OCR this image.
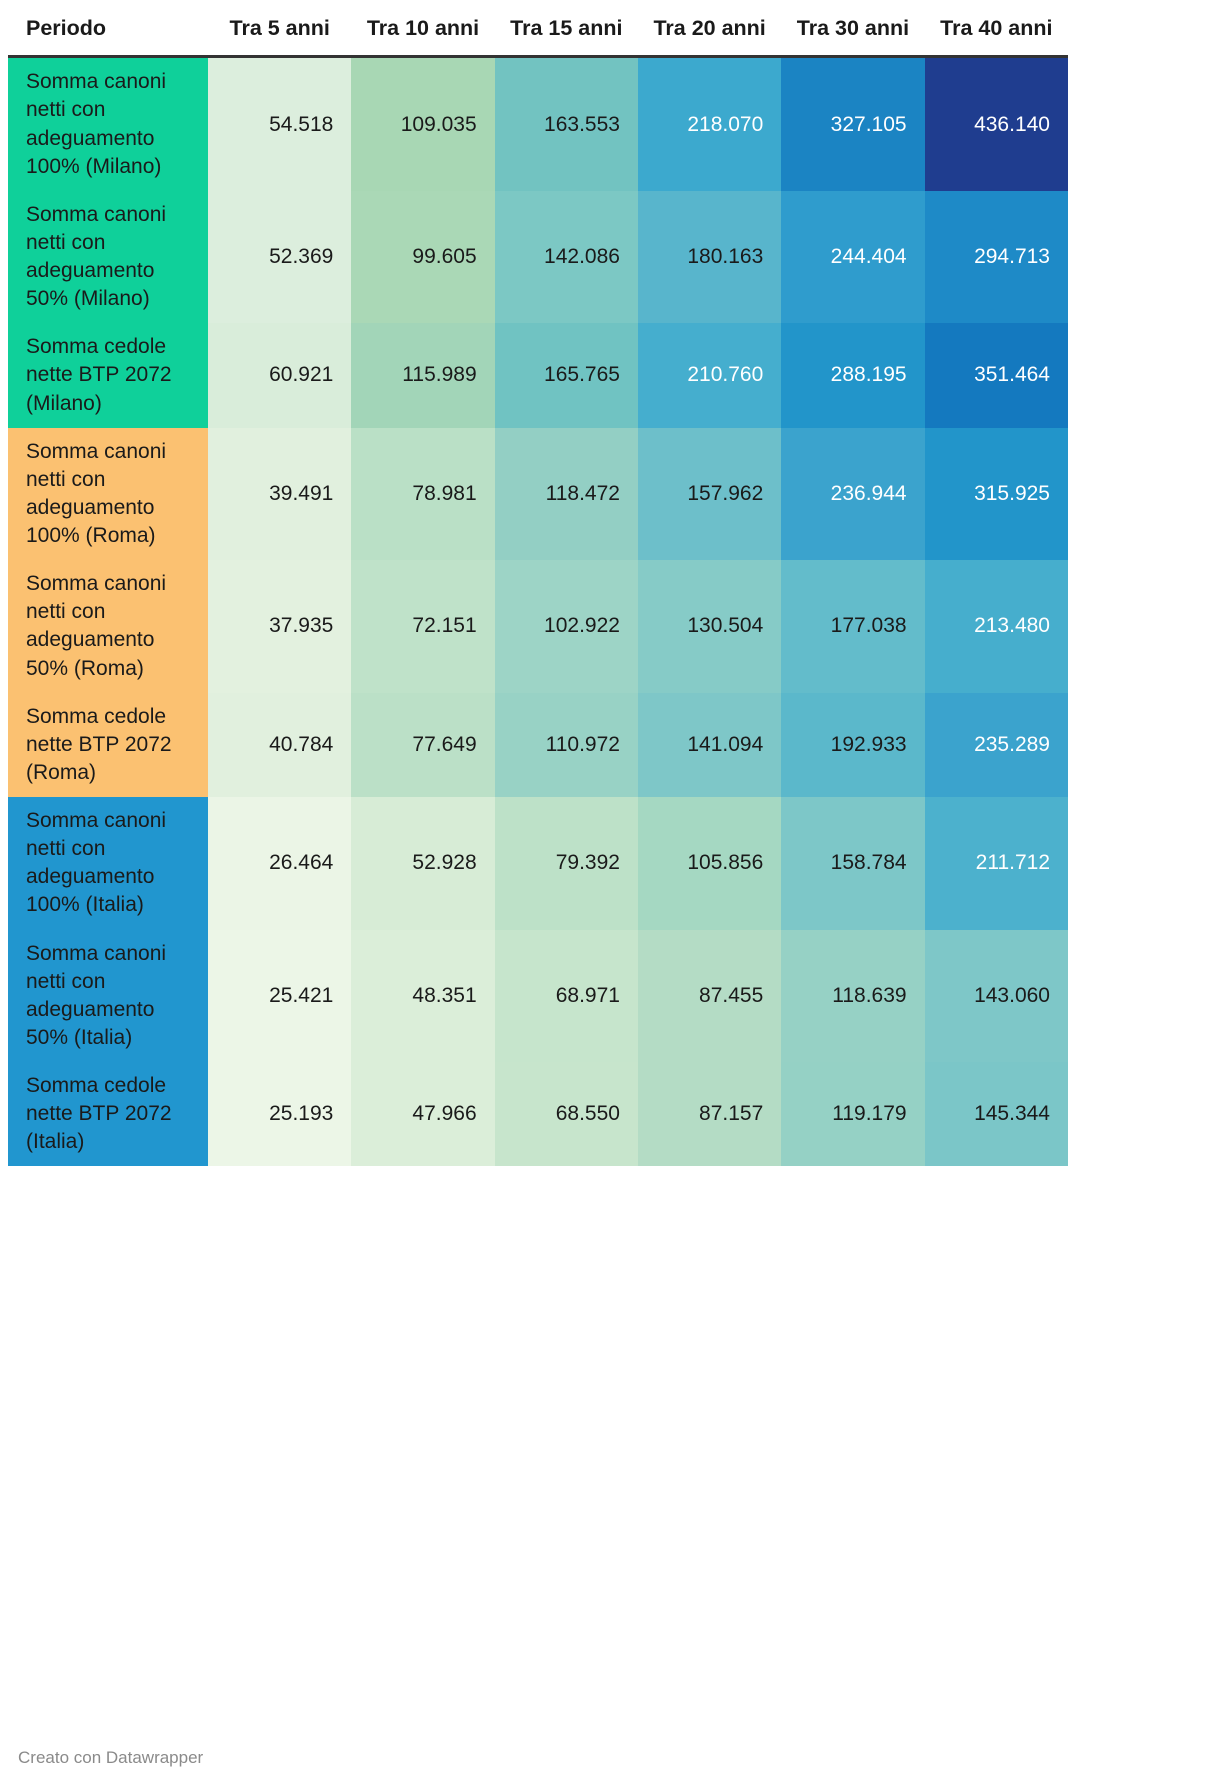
Periodo	Tra 5 anni	Tra 10 anni	Tra 15 anni	Tra 20 anni	Tra 30 anni	Tra 40 anni
Somma canoni netti con adeguamento 100% (Milano)	54.518	109.035	163.553	218.070	327.105	436.140
Somma canoni netti con adeguamento 50% (Milano)	52.369	99.605	142.086	180.163	244.404	294.713
Somma cedole nette BTP 2072 (Milano)	60.921	115.989	165.765	210.760	288.195	351.464
Somma canoni netti con adeguamento 100% (Roma)	39.491	78.981	118.472	157.962	236.944	315.925
Somma canoni netti con adeguamento 50% (Roma)	37.935	72.151	102.922	130.504	177.038	213.480
Somma cedole nette BTP 2072 (Roma)	40.784	77.649	110.972	141.094	192.933	235.289
Somma canoni netti con adeguamento 100% (Italia)	26.464	52.928	79.392	105.856	158.784	211.712
Somma canoni netti con adeguamento 50% (Italia)	25.421	48.351	68.971	87.455	118.639	143.060
Somma cedole nette BTP 2072 (Italia)	25.193	47.966	68.550	87.157	119.179	145.344
Creato con Datawrapper
